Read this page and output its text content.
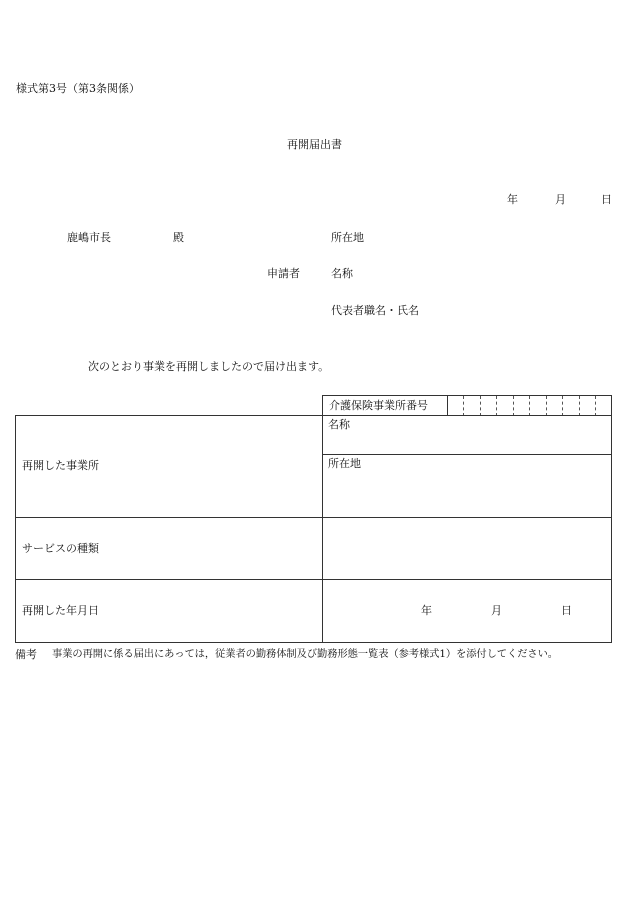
様式第3号（第3条関係）
再開届出書
年	月	日
鹿嶋市長	殿	所在地
申請者	名称
代表者職名・氏名
次のとおり事業を再開しましたので届け出ます。
介護保険事業所番号
再開した事業所
名称
所在地
サービスの種類
再開した年月日	年	月	日
備考 事業の再開に係る届出にあっては，従業者の勤務体制及び勤務形態一覧表（参考様式1）を添付してください。
